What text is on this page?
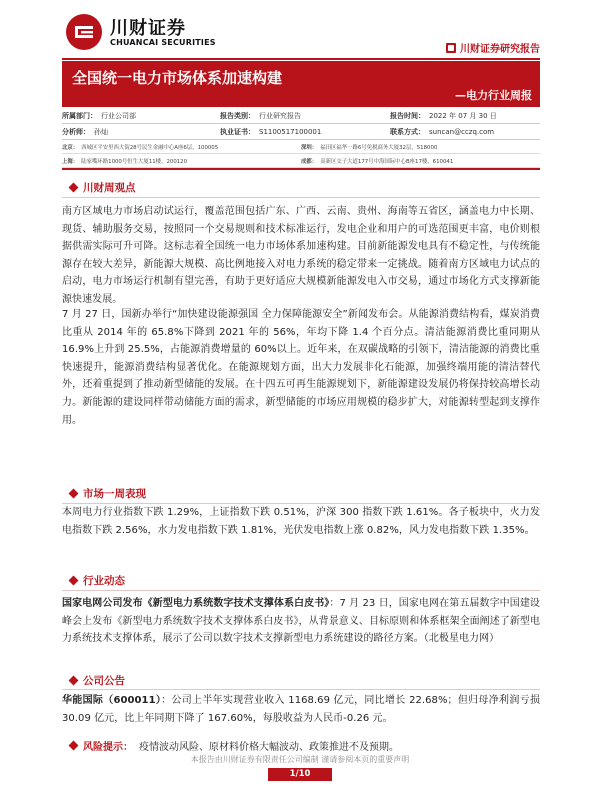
川财证券
CHUANCAI SECURITIES
川财证券研究报告
全国统一电力市场体系加速构建
—电力行业周报
所属部门： 行业公司部	报告类别： 行业研究报告	报告时间： 2022 年 07 月 30 日
分析师： 孙灿	执业证书： S1100517100001	联系方式： suncan@cczq.com
北京： 西城区平安里西大街28号民生金融中心A座6层，100005	深圳： 福田区福华一路6号免税商务大厦32层，518000
上海： 陆家嘴环路1000号恒生大厦11楼，200120	成都： 高新区交子大道177号中海国际中心B座17楼，610041
川财周观点
南方区域电力市场启动试运行，覆盖范围包括广东、广西、云南、贵州、海南等五省区，涵盖电力中长期、现货、辅助服务交易，按照同一个交易规则和技术标准运行，发电企业和用户的可选范围更丰富，电价则根据供需实际可升可降。这标志着全国统一电力市场体系加速构建。目前新能源发电具有不稳定性，与传统能源存在较大差异，新能源大规模、高比例地接入对电力系统的稳定带来一定挑战。随着南方区域电力试点的启动，电力市场运行机制有望完善，有助于更好适应大规模新能源发电入市交易，通过市场化方式支撑新能源快速发展。
7 月 27 日，国新办举行“加快建设能源强国 全力保障能源安全”新闻发布会。从能源消费结构看，煤炭消费比重从 2014 年的 65.8%下降到 2021 年的 56%，年均下降 1.4 个百分点。清洁能源消费比重同期从 16.9%上升到 25.5%，占能源消费增量的 60%以上。近年来，在双碳战略的引领下，清洁能源的消费比重快速提升，能源消费结构显著优化。在能源规划方面，出大力发展非化石能源，加强终端用能的清洁替代外，还着重提到了推动新型储能的发展。在十四五可再生能源规划下，新能源建设发展仍将保持较高增长动力。新能源的建设同样带动储能方面的需求，新型储能的市场应用规模的稳步扩大，对能源转型起到支撑作用。
市场一周表现
本周电力行业指数下跌 1.29%，上证指数下跌 0.51%，沪深 300 指数下跌 1.61%。各子板块中，火力发电指数下跌 2.56%，水力发电指数下跌 1.81%，光伏发电指数上涨 0.82%，风力发电指数下跌 1.35%。
行业动态
国家电网公司发布《新型电力系统数字技术支撑体系白皮书》：7 月 23 日，国家电网在第五届数字中国建设峰会上发布《新型电力系统数字技术支撑体系白皮书》，从背景意义、目标原则和体系框架全面阐述了新型电力系统技术支撑体系，展示了公司以数字技术支撑新型电力系统建设的路径方案。（北极星电力网）
公司公告
华能国际（600011）：公司上半年实现营业收入 1168.69 亿元，同比增长 22.68%；但归母净利润亏损 30.09 亿元，比上年同期下降了 167.60%，每股收益为人民币-0.26 元。
风险提示： 疫情波动风险、原材料价格大幅波动、政策推进不及预期。
本报告由川财证券有限责任公司编制 谨请参阅本页的重要声明
1/10
